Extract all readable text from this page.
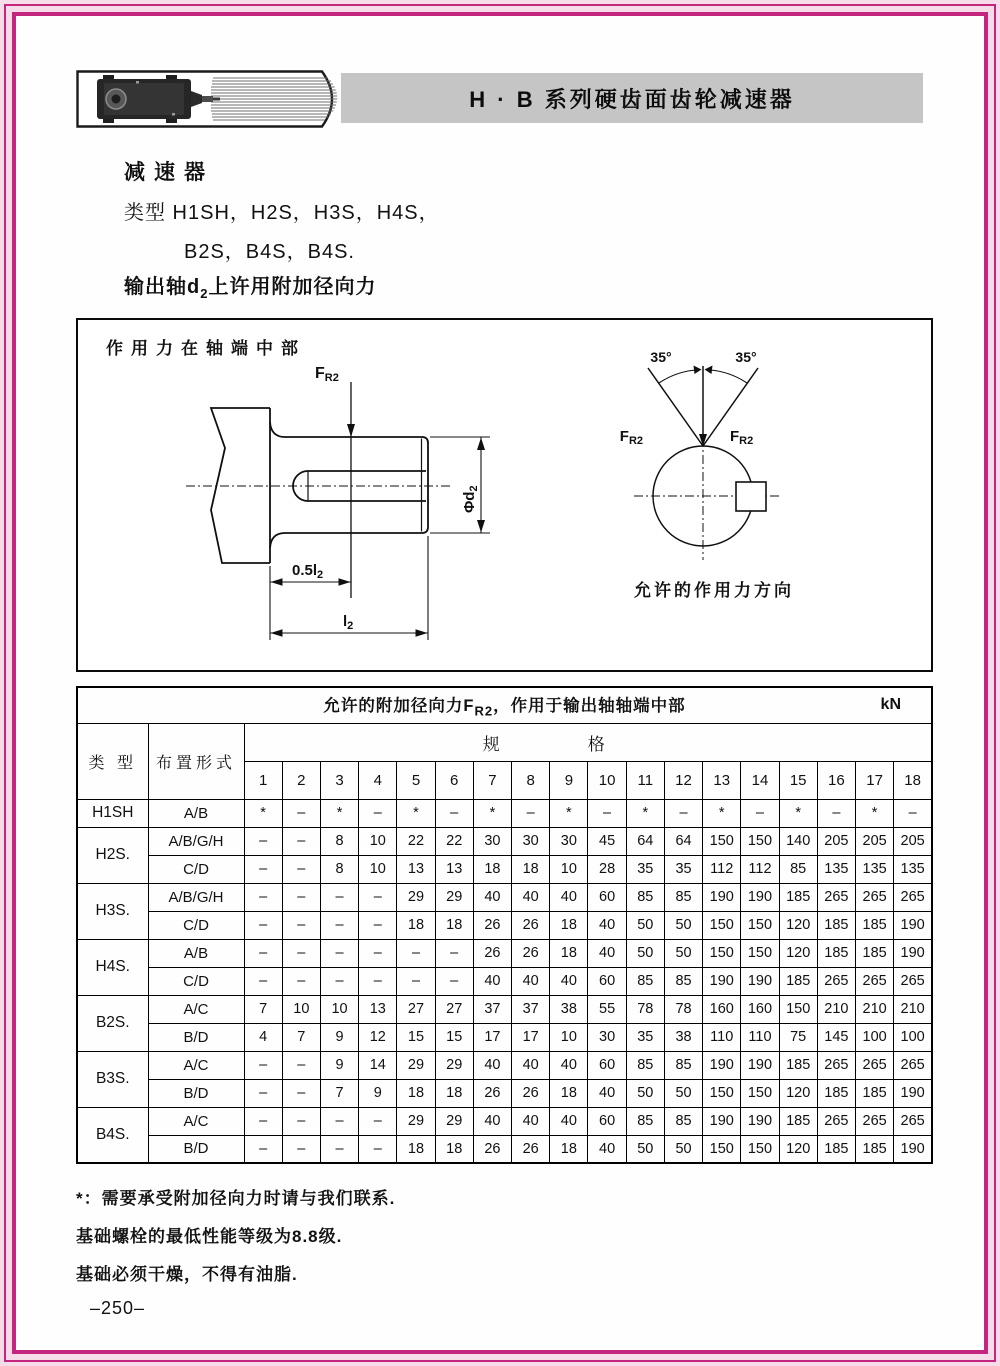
H · B 系列硬齿面齿轮减速器
减速器
类型 H1SH，H2S，H3S，H4S，
B2S，B4S，B4S.
输出轴$d_2$上许用附加径向力
FR2
$\Phi d_2$
$0.5l_2$
$l_2$
35°	35°
$F_{R2}$	$F_{R2}$
作用力在轴端中部
允许的作用力方向
允许的附加径向力$F_{R2}$，作用于输出轴轴端中部 kN																			

类 型	布置形式	规格																	
		1	2	3	4	5	6	7	8	9	10	11	12	13	14	15	16	17	18
H1SH	A/B	*	–	*	–	*	–	*	–	*	–	*	–	*	–	*	–	*	–
H2S.	A/B/G/H	–	–	8	10	22	22	30	30	30	45	64	64	150	150	140	205	205	205
	C/D	–	–	8	10	13	13	18	18	10	28	35	35	112	112	85	135	135	135
H3S.	A/B/G/H	–	–	–	–	29	29	40	40	40	60	85	85	190	190	185	265	265	265
	C/D	–	–	–	–	18	18	26	26	18	40	50	50	150	150	120	185	185	190
H4S.	A/B	–	–	–	–	–	–	26	26	18	40	50	50	150	150	120	185	185	190
	C/D	–	–	–	–	–	–	40	40	40	60	85	85	190	190	185	265	265	265
B2S.	A/C	7	10	10	13	27	27	37	37	38	55	78	78	160	160	150	210	210	210
	B/D	4	7	9	12	15	15	17	17	10	30	35	38	110	110	75	145	100	100
B3S.	A/C	–	–	9	14	29	29	40	40	40	60	85	85	190	190	185	265	265	265
	B/D	–	–	7	9	18	18	26	26	18	40	50	50	150	150	120	185	185	190
B4S.	A/C	–	–	–	–	29	29	40	40	40	60	85	85	190	190	185	265	265	265
	B/D	–	–	–	–	18	18	26	26	18	40	50	50	150	150	120	185	185	190

*：需要承受附加径向力时请与我们联系.

基础螺栓的最低性能等级为8.8级.

基础必须干燥，不得有油脂.

–250–
